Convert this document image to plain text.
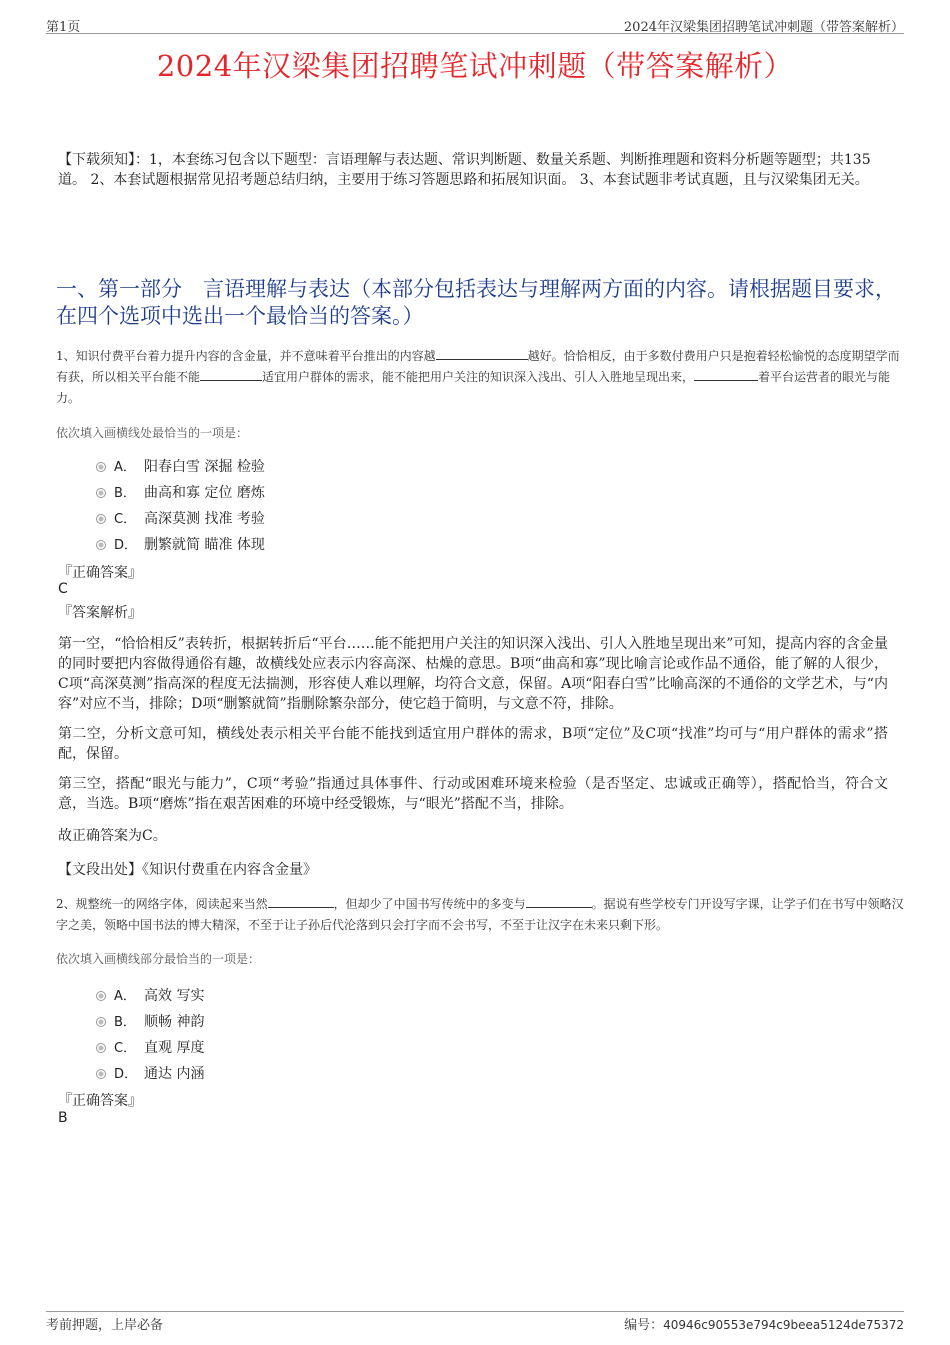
第1页	2024年汉梁集团招聘笔试冲刺题（带答案解析）
2024年汉梁集团招聘笔试冲刺题（带答案解析）
【下载须知】：1，本套练习包含以下题型：言语理解与表达题、常识判断题、数量关系题、判断推理题和资料分析题等题型；共135道。 2、本套试题根据常见招考题总结归纳，主要用于练习答题思路和拓展知识面。 3、本套试题非考试真题，且与汉梁集团无关。
一、第一部分　言语理解与表达（本部分包括表达与理解两方面的内容。请根据题目要求，在四个选项中选出一个最恰当的答案。）
1、知识付费平台着力提升内容的含金量，并不意味着平台推出的内容越	越好。恰恰相反，由于多数付费用户只是抱着轻松愉悦的态度期望学而有获，所以相关平台能不能	适宜用户群体的需求，能不能把用户关注的知识深入浅出、引人入胜地呈现出来，	着平台运营者的眼光与能力。
依次填入画横线处最恰当的一项是：
A． 阳春白雪 深掘 检验
B． 曲高和寡 定位 磨炼
C． 高深莫测 找准 考验
D． 删繁就简 瞄准 体现
『正确答案』
C
『答案解析』
第一空，“恰恰相反”表转折，根据转折后“平台……能不能把用户关注的知识深入浅出、引人入胜地呈现出来”可知，提高内容的含金量的同时要把内容做得通俗有趣，故横线处应表示内容高深、枯燥的意思。B项“曲高和寡”现比喻言论或作品不通俗，能了解的人很少，C项“高深莫测”指高深的程度无法揣测，形容使人难以理解，均符合文意，保留。A项“阳春白雪”比喻高深的不通俗的文学艺术，与“内容”对应不当，排除；D项“删繁就简”指删除繁杂部分，使它趋于简明，与文意不符，排除。
第二空，分析文意可知，横线处表示相关平台能不能找到适宜用户群体的需求，B项“定位”及C项“找准”均可与“用户群体的需求”搭配，保留。
第三空，搭配“眼光与能力”，C项“考验”指通过具体事件、行动或困难环境来检验（是否坚定、忠诚或正确等），搭配恰当，符合文意，当选。B项“磨炼”指在艰苦困难的环境中经受锻炼，与“眼光”搭配不当，排除。
故正确答案为C。
【文段出处】《知识付费重在内容含金量》
2、规整统一的网络字体，阅读起来当然	，但却少了中国书写传统中的多变与	。据说有些学校专门开设写字课，让学子们在书写中领略汉字之美，领略中国书法的博大精深，不至于让子孙后代沦落到只会打字而不会书写，不至于让汉字在未来只剩下形。
依次填入画横线部分最恰当的一项是：
A． 高效 写实
B． 顺畅 神韵
C． 直观 厚度
D． 通达 内涵
『正确答案』
B
考前押题，上岸必备	编号：40946c90553e794c9beea5124de75372
